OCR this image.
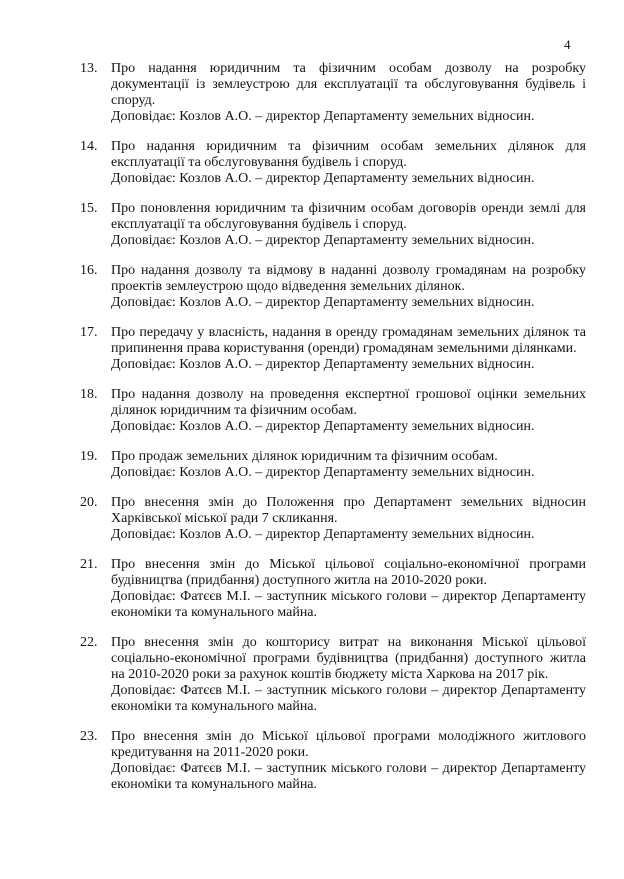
4
13. Про надання юридичним та фізичним особам дозволу на розробку документації із землеустрою для експлуатації та обслуговування будівель і споруд.
Доповідає: Козлов А.О. – директор Департаменту земельних відносин.
14. Про надання юридичним та фізичним особам земельних ділянок для експлуатації та обслуговування будівель і споруд.
Доповідає: Козлов А.О. – директор Департаменту земельних відносин.
15. Про поновлення юридичним та фізичним особам договорів оренди землі для експлуатації та обслуговування будівель і споруд.
Доповідає: Козлов А.О. – директор Департаменту земельних відносин.
16. Про надання дозволу та відмову в наданні дозволу громадянам на розробку проектів землеустрою щодо відведення земельних ділянок.
Доповідає: Козлов А.О. – директор Департаменту земельних відносин.
17. Про передачу у власність, надання в оренду громадянам земельних ділянок та припинення права користування (оренди) громадянам земельними ділянками.
Доповідає: Козлов А.О. – директор Департаменту земельних відносин.
18. Про надання дозволу на проведення експертної грошової оцінки земельних ділянок юридичним та фізичним особам.
Доповідає: Козлов А.О. – директор Департаменту земельних відносин.
19. Про продаж земельних ділянок юридичним та фізичним особам.
Доповідає: Козлов А.О. – директор Департаменту земельних відносин.
20. Про внесення змін до Положення про Департамент земельних відносин Харківської міської ради 7 скликання.
Доповідає: Козлов А.О. – директор Департаменту земельних відносин.
21. Про внесення змін до Міської цільової соціально-економічної програми будівництва (придбання) доступного житла на 2010-2020 роки.
Доповідає: Фатєєв М.І. – заступник міського голови – директор Департаменту економіки та комунального майна.
22. Про внесення змін до кошторису витрат на виконання Міської цільової соціально-економічної програми будівництва (придбання) доступного житла на 2010-2020 роки за рахунок коштів бюджету міста Харкова на 2017 рік.
Доповідає: Фатєєв М.І. – заступник міського голови – директор Департаменту економіки та комунального майна.
23. Про внесення змін до Міської цільової програми молодіжного житлового кредитування на 2011-2020 роки.
Доповідає: Фатєєв М.І. – заступник міського голови – директор Департаменту економіки та комунального майна.
